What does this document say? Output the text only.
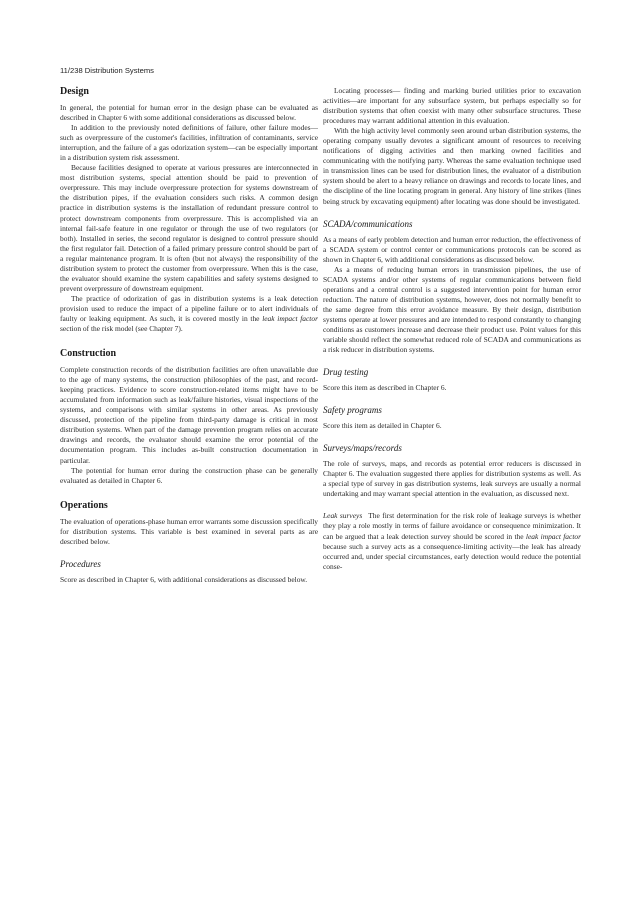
11/238 Distribution Systems
Design

In general, the potential for human error in the design phase can be evaluated as described in Chapter 6 with some additional considerations as discussed below.

In addition to the previously noted definitions of failure, other failure modes—such as overpressure of the customer's facilities, infiltration of contaminants, service interruption, and the failure of a gas odorization system—can be especially important in a distribution system risk assessment.

Because facilities designed to operate at various pressures are interconnected in most distribution systems, special attention should be paid to prevention of overpressure. This may include overpressure protection for systems downstream of the distribution pipes, if the evaluation considers such risks. A common design practice in distribution systems is the installation of redundant pressure control to protect downstream components from overpressure. This is accomplished via an internal fail-safe feature in one regulator or through the use of two regulators (or both). Installed in series, the second regulator is designed to control pressure should the first regulator fail. Detection of a failed primary pressure control should be part of a regular maintenance program. It is often (but not always) the responsibility of the distribution system to protect the customer from overpressure. When this is the case, the evaluator should examine the system capabilities and safety systems designed to prevent overpressure of downstream equipment.

The practice of odorization of gas in distribution systems is a leak detection provision used to reduce the impact of a pipeline failure or to alert individuals of faulty or leaking equipment. As such, it is covered mostly in the leak impact factor section of the risk model (see Chapter 7).

Construction

Complete construction records of the distribution facilities are often unavailable due to the age of many systems, the construction philosophies of the past, and record-keeping practices. Evidence to score construction-related items might have to be accumulated from information such as leak/failure histories, visual inspections of the systems, and comparisons with similar systems in other areas. As previously discussed, protection of the pipeline from third-party damage is critical in most distribution systems. When part of the damage prevention program relies on accurate drawings and records, the evaluator should examine the error potential of the documentation program. This includes as-built construction documentation in particular.

The potential for human error during the construction phase can be generally evaluated as detailed in Chapter 6.

Operations

The evaluation of operations-phase human error warrants some discussion specifically for distribution systems. This variable is best examined in several parts as are described below.

Procedures

Score as described in Chapter 6, with additional considerations as discussed below.

Locating processes— finding and marking buried utilities prior to excavation activities—are important for any subsurface system, but perhaps especially so for distribution systems that often coexist with many other subsurface structures. These procedures may warrant additional attention in this evaluation.

With the high activity level commonly seen around urban distribution systems, the operating company usually devotes a significant amount of resources to receiving notifications of digging activities and then marking owned facilities and communicating with the notifying party. Whereas the same evaluation technique used in transmission lines can be used for distribution lines, the evaluator of a distribution system should be alert to a heavy reliance on drawings and records to locate lines, and the discipline of the line locating program in general. Any history of line strikes (lines being struck by excavating equipment) after locating was done should be investigated.

SCADA/communications

As a means of early problem detection and human error reduction, the effectiveness of a SCADA system or control center or communications protocols can be scored as shown in Chapter 6, with additional considerations as discussed below.

As a means of reducing human errors in transmission pipelines, the use of SCADA systems and/or other systems of regular communications between field operations and a central control is a suggested intervention point for human error reduction. The nature of distribution systems, however, does not normally benefit to the same degree from this error avoidance measure. By their design, distribution systems operate at lower pressures and are intended to respond constantly to changing conditions as customers increase and decrease their product use. Point values for this variable should reflect the somewhat reduced role of SCADA and communications as a risk reducer in distribution systems.

Drug testing

Score this item as described in Chapter 6.

Safety programs

Score this item as detailed in Chapter 6.

Surveys/maps/records

The role of surveys, maps, and records as potential error reducers is discussed in Chapter 6. The evaluation suggested there applies for distribution systems as well. As a special type of survey in gas distribution systems, leak surveys are usually a normal undertaking and may warrant special attention in the evaluation, as discussed next.

Leak surveys The first determination for the risk role of leakage surveys is whether they play a role mostly in terms of failure avoidance or consequence minimization. It can be argued that a leak detection survey should be scored in the leak impact factor because such a survey acts as a consequence-limiting activity—the leak has already occurred and, under special circumstances, early detection would reduce the potential conse-
